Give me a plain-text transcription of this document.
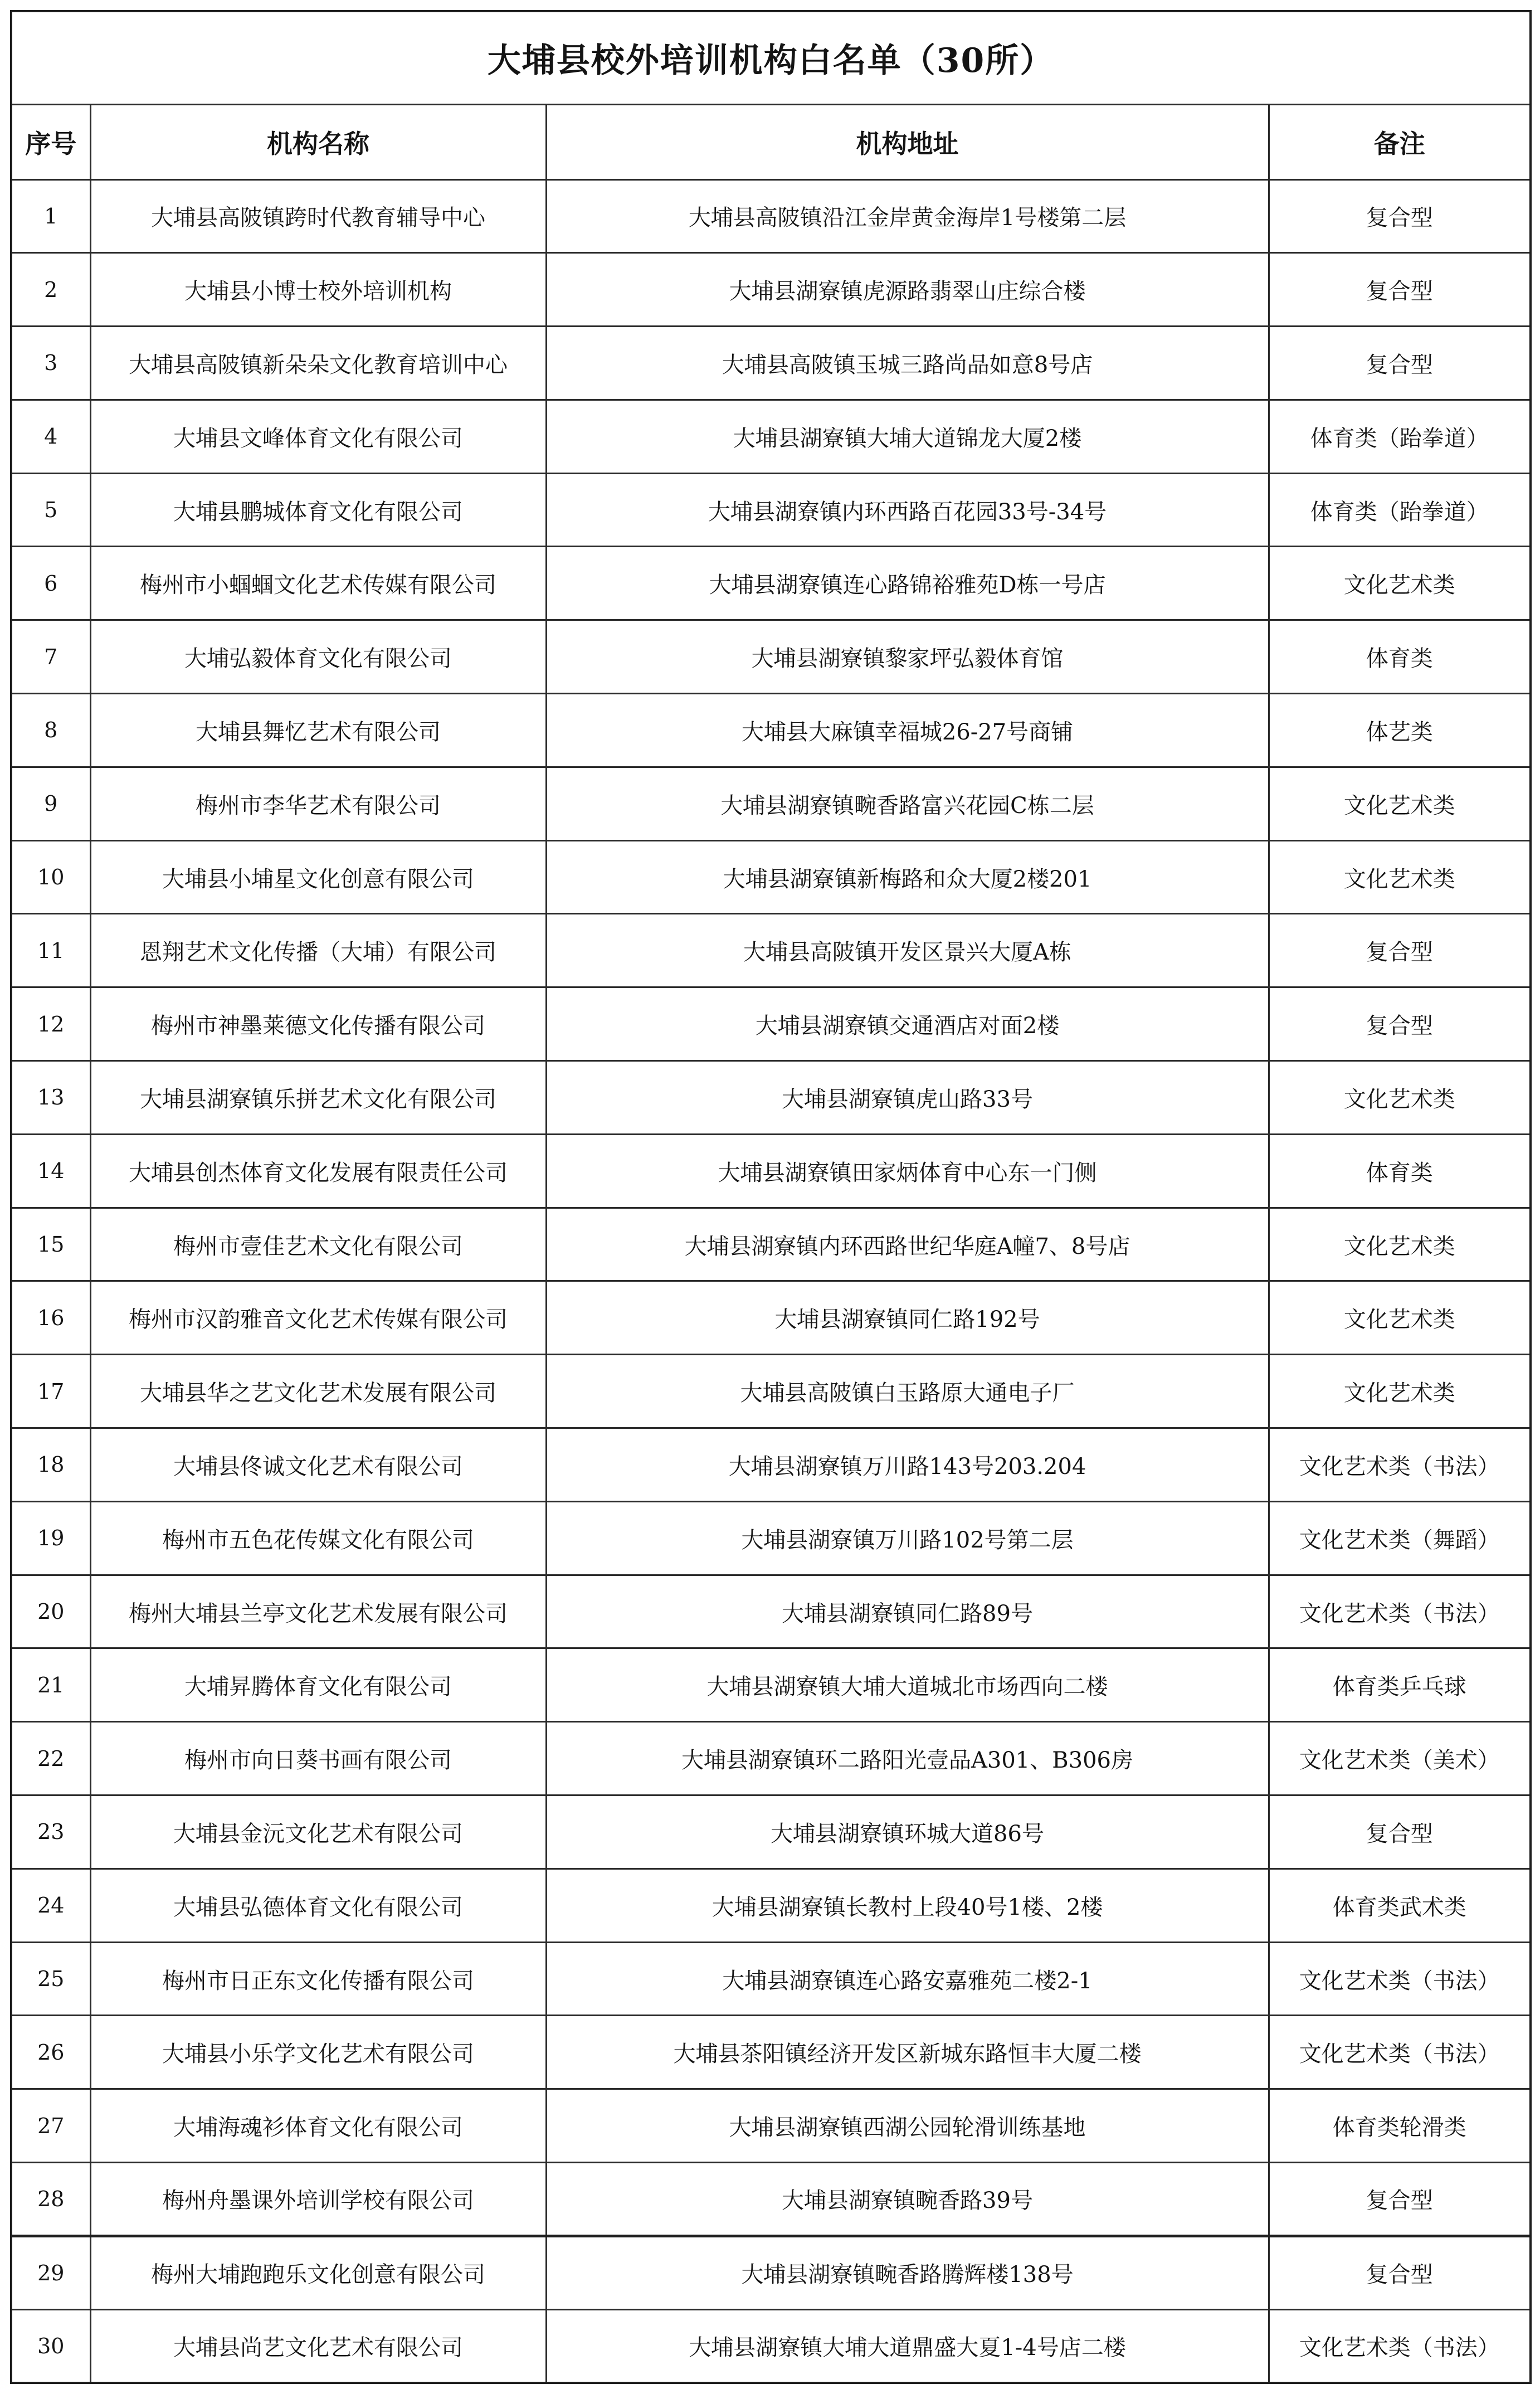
大埔县校外培训机构白名单（30所）			
序号	机构名称	机构地址	备注
1	大埔县高陂镇跨时代教育辅导中心	大埔县高陂镇沿江金岸黄金海岸1号楼第二层	复合型
2	大埔县小博士校外培训机构	大埔县湖寮镇虎源路翡翠山庄综合楼	复合型
3	大埔县高陂镇新朵朵文化教育培训中心	大埔县高陂镇玉城三路尚品如意8号店	复合型
4	大埔县文峰体育文化有限公司	大埔县湖寮镇大埔大道锦龙大厦2楼	体育类（跆拳道）
5	大埔县鹏城体育文化有限公司	大埔县湖寮镇内环西路百花园33号-34号	体育类（跆拳道）
6	梅州市小蝈蝈文化艺术传媒有限公司	大埔县湖寮镇连心路锦裕雅苑D栋一号店	文化艺术类
7	大埔弘毅体育文化有限公司	大埔县湖寮镇黎家坪弘毅体育馆	体育类
8	大埔县舞忆艺术有限公司	大埔县大麻镇幸福城26-27号商铺	体艺类
9	梅州市李华艺术有限公司	大埔县湖寮镇畹香路富兴花园C栋二层	文化艺术类
10	大埔县小埔星文化创意有限公司	大埔县湖寮镇新梅路和众大厦2楼201	文化艺术类
11	恩翔艺术文化传播（大埔）有限公司	大埔县高陂镇开发区景兴大厦A栋	复合型
12	梅州市神墨莱德文化传播有限公司	大埔县湖寮镇交通酒店对面2楼	复合型
13	大埔县湖寮镇乐拼艺术文化有限公司	大埔县湖寮镇虎山路33号	文化艺术类
14	大埔县创杰体育文化发展有限责任公司	大埔县湖寮镇田家炳体育中心东一门侧	体育类
15	梅州市壹佳艺术文化有限公司	大埔县湖寮镇内环西路世纪华庭A幢7、8号店	文化艺术类
16	梅州市汉韵雅音文化艺术传媒有限公司	大埔县湖寮镇同仁路192号	文化艺术类
17	大埔县华之艺文化艺术发展有限公司	大埔县高陂镇白玉路原大通电子厂	文化艺术类
18	大埔县佟诚文化艺术有限公司	大埔县湖寮镇万川路143号203.204	文化艺术类（书法）
19	梅州市五色花传媒文化有限公司	大埔县湖寮镇万川路102号第二层	文化艺术类（舞蹈）
20	梅州大埔县兰亭文化艺术发展有限公司	大埔县湖寮镇同仁路89号	文化艺术类（书法）
21	大埔昇腾体育文化有限公司	大埔县湖寮镇大埔大道城北市场西向二楼	体育类乒乓球
22	梅州市向日葵书画有限公司	大埔县湖寮镇环二路阳光壹品A301、B306房	文化艺术类（美术）
23	大埔县金沅文化艺术有限公司	大埔县湖寮镇环城大道86号	复合型
24	大埔县弘德体育文化有限公司	大埔县湖寮镇长教村上段40号1楼、2楼	体育类武术类
25	梅州市日正东文化传播有限公司	大埔县湖寮镇连心路安嘉雅苑二楼2-1	文化艺术类（书法）
26	大埔县小乐学文化艺术有限公司	大埔县茶阳镇经济开发区新城东路恒丰大厦二楼	文化艺术类（书法）
27	大埔海魂衫体育文化有限公司	大埔县湖寮镇西湖公园轮滑训练基地	体育类轮滑类
28	梅州舟墨课外培训学校有限公司	大埔县湖寮镇畹香路39号	复合型
29	梅州大埔跑跑乐文化创意有限公司	大埔县湖寮镇畹香路腾辉楼138号	复合型
30	大埔县尚艺文化艺术有限公司	大埔县湖寮镇大埔大道鼎盛大夏1-4号店二楼	文化艺术类（书法）
